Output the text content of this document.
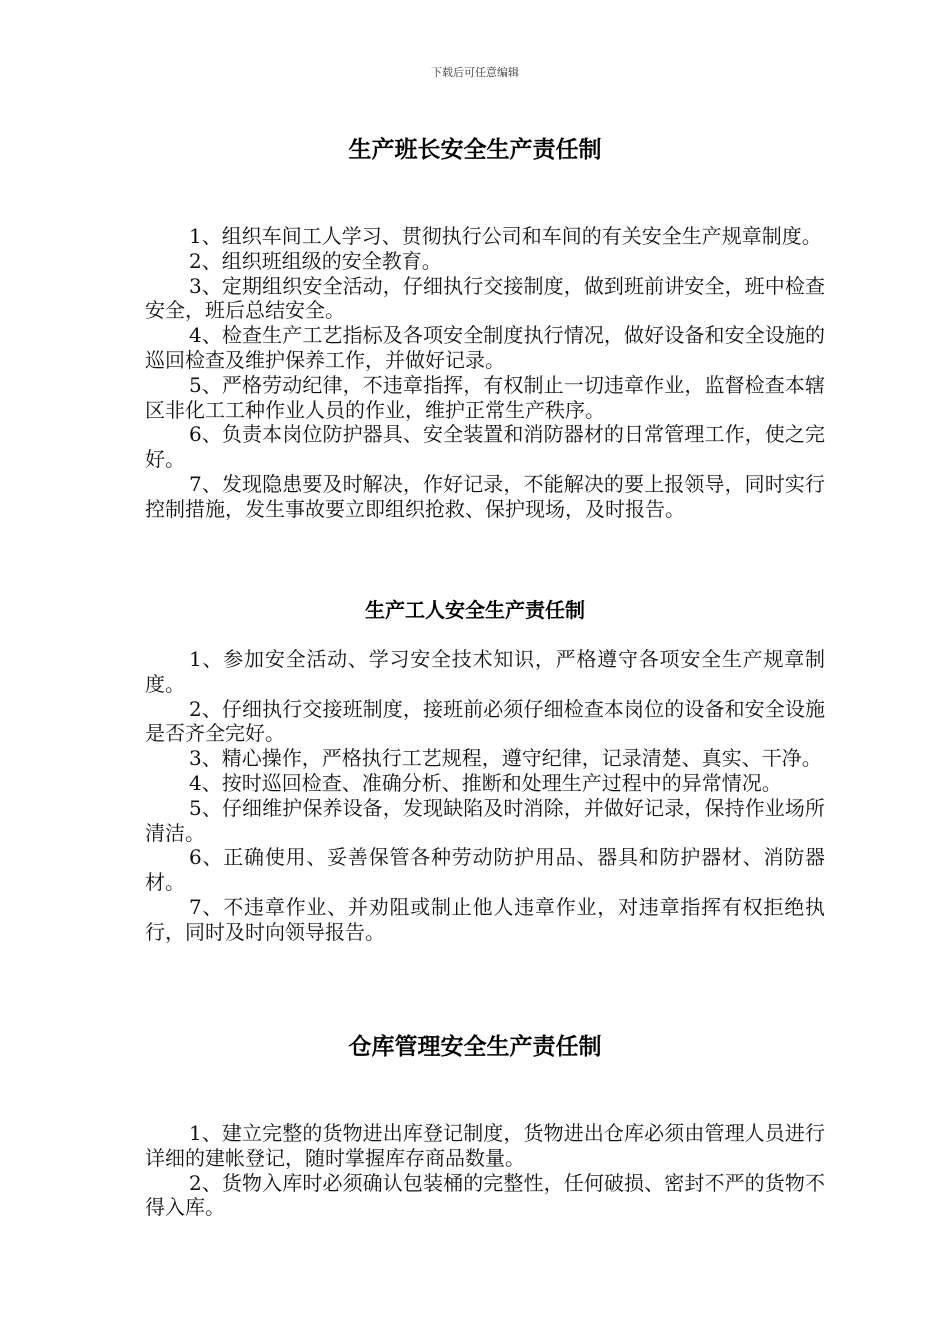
下载后可任意编辑
生产班长安全生产责任制

1、组织车间工人学习、贯彻执行公司和车间的有关安全生产规章制度。

2、组织班组级的安全教育。

3、定期组织安全活动，仔细执行交接制度，做到班前讲安全，班中检查安全，班后总结安全。

4、检查生产工艺指标及各项安全制度执行情况，做好设备和安全设施的巡回检查及维护保养工作，并做好记录。

5、严格劳动纪律，不违章指挥，有权制止一切违章作业，监督检查本辖区非化工工种作业人员的作业，维护正常生产秩序。

6、负责本岗位防护器具、安全装置和消防器材的日常管理工作，使之完好。

7、发现隐患要及时解决，作好记录，不能解决的要上报领导，同时实行控制措施，发生事故要立即组织抢救、保护现场，及时报告。

生产工人安全生产责任制

1、参加安全活动、学习安全技术知识，严格遵守各项安全生产规章制度。

2、仔细执行交接班制度，接班前必须仔细检查本岗位的设备和安全设施是否齐全完好。

3、精心操作，严格执行工艺规程，遵守纪律，记录清楚、真实、干净。

4、按时巡回检查、准确分析、推断和处理生产过程中的异常情况。

5、仔细维护保养设备，发现缺陷及时消除，并做好记录，保持作业场所清洁。

6、正确使用、妥善保管各种劳动防护用品、器具和防护器材、消防器材。

7、不违章作业、并劝阻或制止他人违章作业，对违章指挥有权拒绝执行，同时及时向领导报告。

仓库管理安全生产责任制

1、建立完整的货物进出库登记制度，货物进出仓库必须由管理人员进行详细的建帐登记，随时掌握库存商品数量。

2、货物入库时必须确认包装桶的完整性，任何破损、密封不严的货物不得入库。
